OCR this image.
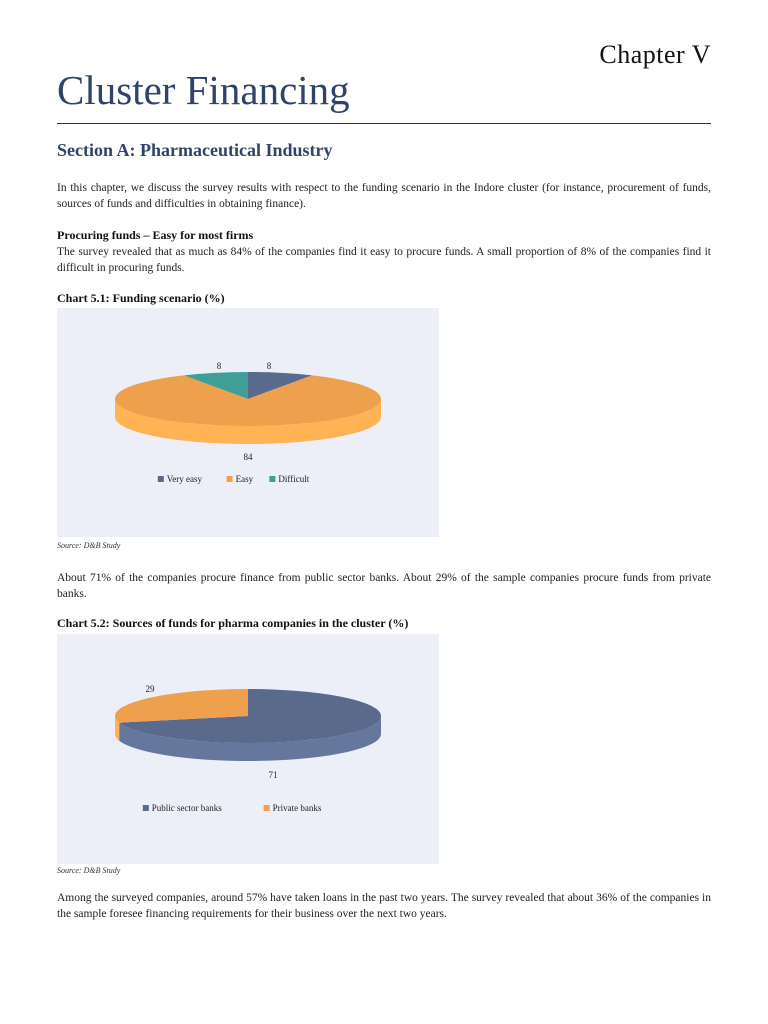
Chapter V
Cluster Financing
Section A: Pharmaceutical Industry

In this chapter, we discuss the survey results with respect to the funding scenario in the Indore cluster (for instance, procurement of funds, sources of funds and difficulties in obtaining finance).

Procuring funds – Easy for most firms

The survey revealed that as much as 84% of the companies find it easy to procure funds. A small proportion of 8% of the companies find it difficult in procuring funds.

Chart 5.1: Funding scenario (%)

8
84
8
Very easy	Easy	Difficult

Source: D&B Study

About 71% of the companies procure finance from public sector banks. About 29% of the sample companies procure funds from private banks.

Chart 5.2: Sources of funds for pharma companies in the cluster (%)

71
29
Public sector banks	Private banks

Source: D&B Study

Among the surveyed companies, around 57% have taken loans in the past two years. The survey revealed that about 36% of the companies in the sample foresee financing requirements for their business over the next two years.
